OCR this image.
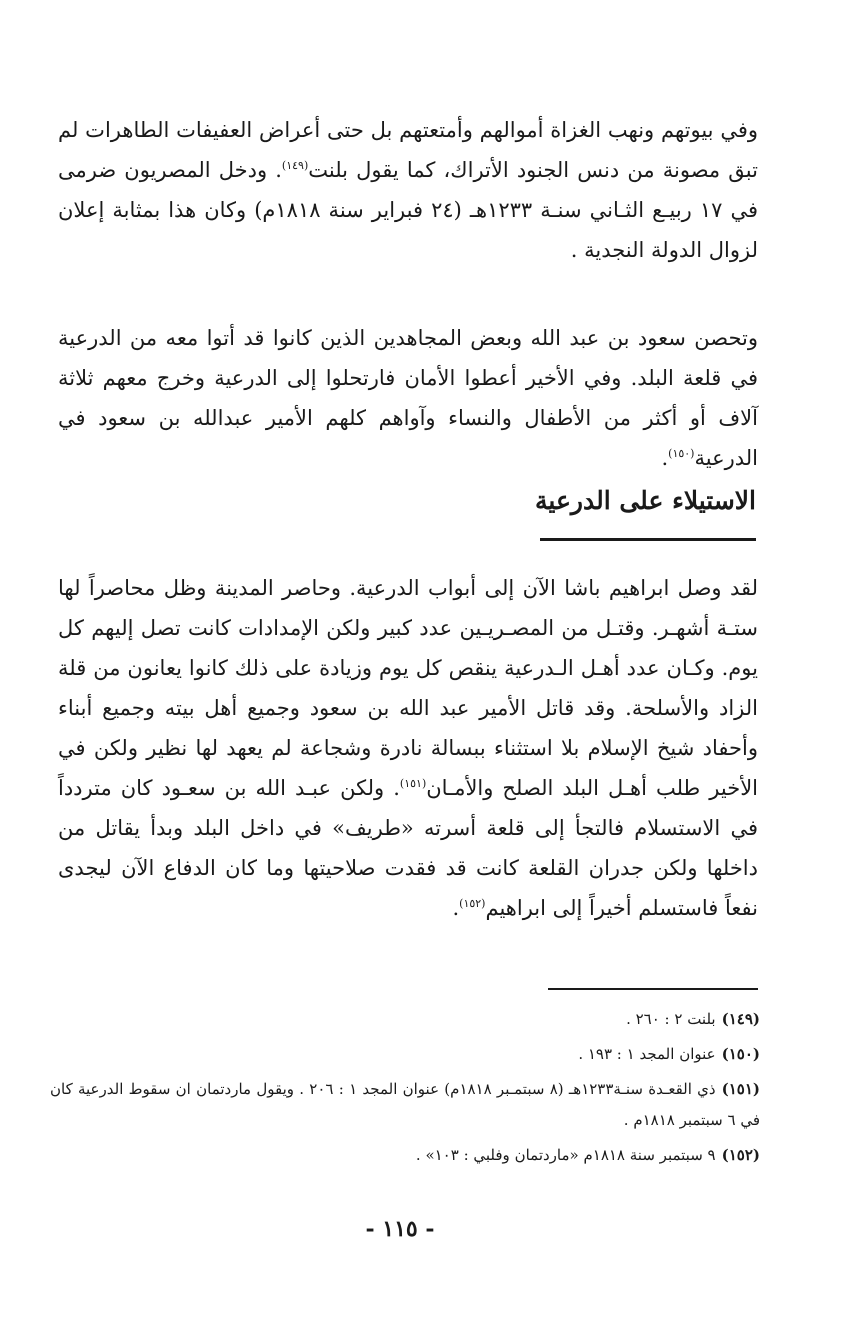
وفي بيوتهم ونهب الغزاة أموالهم وأمتعتهم بل حتى أعراض العفيفات الطاهرات لم تبق مصونة من دنس الجنود الأتراك، كما يقول بلنت$^{(١٤٩)}$. ودخل المصريون ضرمى في ١٧ ربيـع الثـاني سنـة ١٢٣٣هـ (٢٤ فبراير سنة ١٨١٨م) وكان هذا بمثابة إعلان لزوال الدولة النجدية .

وتحصن سعود بن عبد الله وبعض المجاهدين الذين كانوا قد أتوا معه من الدرعية في قلعة البلد. وفي الأخير أعطوا الأمان فارتحلوا إلى الدرعية وخرج معهم ثلاثة آلاف أو أكثر من الأطفال والنساء وآواهم كلهم الأمير عبدالله بن سعود في الدرعية$^{(١٥٠)}$.

الاستيلاء على الدرعية

لقد وصل ابراهيم باشا الآن إلى أبواب الدرعية. وحاصر المدينة وظل محاصراً لها ستـة أشهـر. وقتـل من المصـريـين عدد كبير ولكن الإمدادات كانت تصل إليهم كل يوم. وكـان عدد أهـل الـدرعية ينقص كل يوم وزيادة على ذلك كانوا يعانون من قلة الزاد والأسلحة. وقد قاتل الأمير عبد الله بن سعود وجميع أهل بيته وجميع أبناء وأحفاد شيخ الإسلام بلا استثناء ببسالة نادرة وشجاعة لم يعهد لها نظير ولكن في الأخير طلب أهـل البلد الصلح والأمـان$^{(١٥١)}$. ولكن عبـد الله بن سعـود كان متردداً في الاستسلام فالتجأ إلى قلعة أسرته «طريف» في داخل البلد وبدأ يقاتل من داخلها ولكن جدران القلعة كانت قد فقدت صلاحيتها وما كان الدفاع الآن ليجدى نفعاً فاستسلم أخيراً إلى ابراهيم$^{(١٥٢)}$.

(١٤٩)بلنت ٢ : ٢٦٠ .
(١٥٠)عنوان المجد ١ : ١٩٣ .
(١٥١)ذي القعـدة سنـة١٢٣٣هـ (٨ سبتمـبر ١٨١٨م) عنوان المجد ١ : ٢٠٦ . ويقول ماردتمان ان سقوط الدرعية كان في ٦ سبتمبر ١٨١٨م .
(١٥٢)٩ سبتمبر سنة ١٨١٨م «ماردتمان وفلبي : ١٠٣» .
- ١١٥ -
